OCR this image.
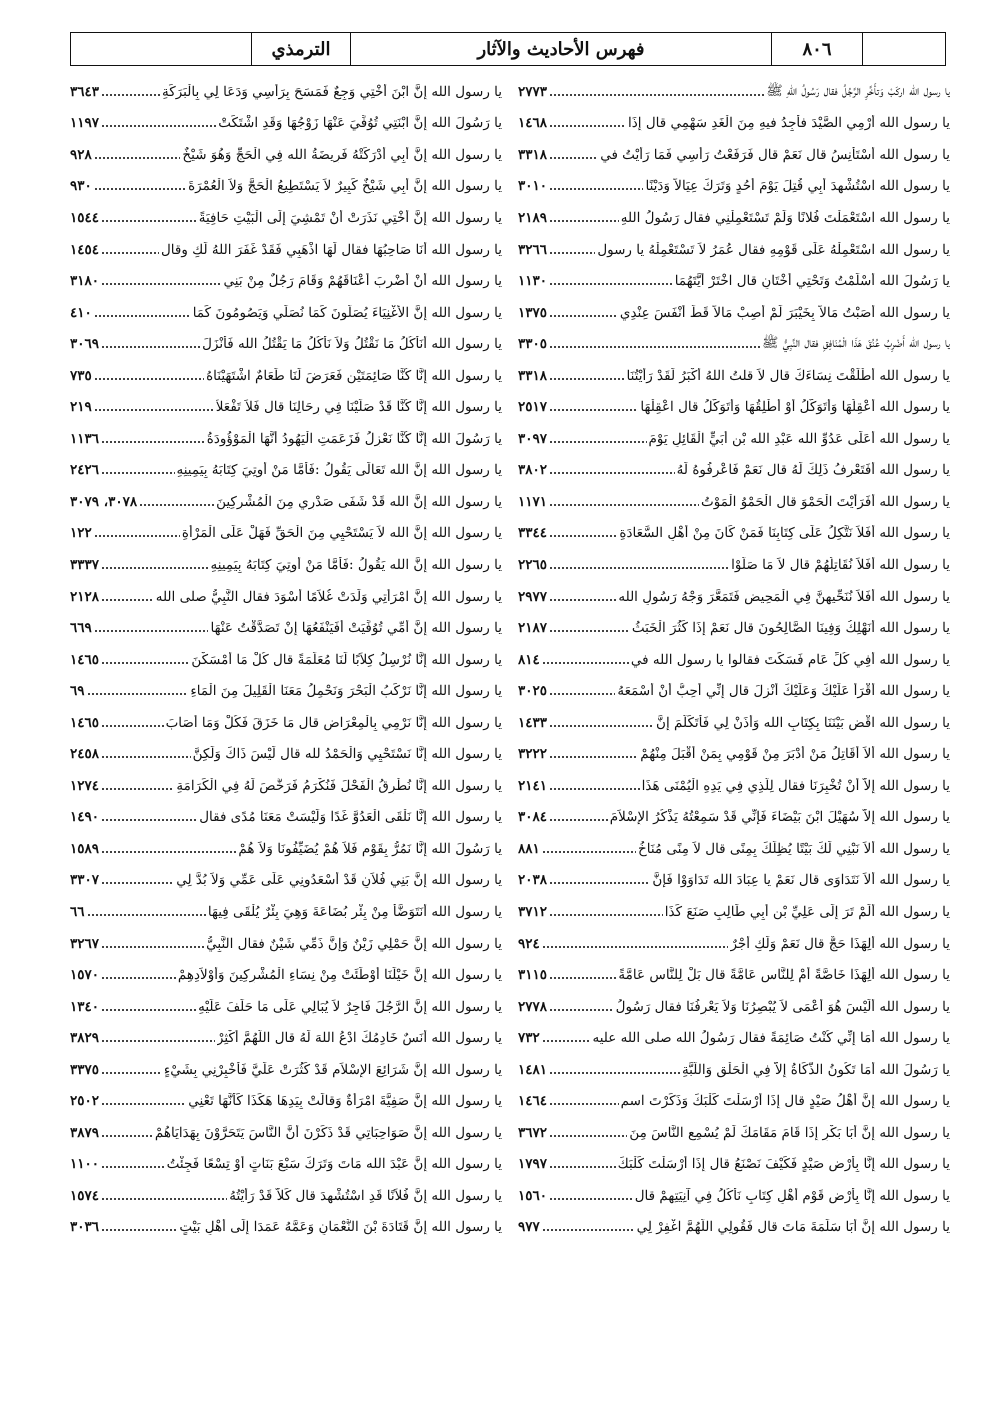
٨٠٦
فهرس الأحاديث والآثار
الترمذي
يا رسول الله اركَبْ وَتأَخَّرِ الرَّجُلُ فقال رَسُولُ اللهِ ﷺ
٢٧٧٣
يا رسول الله أرْمِي الصَّيْدَ فأجِدُ فيهِ مِنَ الْغَدِ سَهْمِي قال إِذَا
١٤٦٨
يا رسول الله أسْتَأْنِسُ قال نَعَمْ قال فَرَفَعْتُ رَأْسِي فَمَا رَأَيْتُ في
٣٣١٨
يا رسول الله اسْتُشْهِدَ أبِي قُتِلَ يَوْمَ أُحُدٍ وَتَرَكَ عِيَالاً وَدَيْنًا
٣٠١٠
يا رسول الله اسْتَعْمَلْتَ فُلانًا وَلَمْ تَسْتَعْمِلْنِي فقال رَسُولُ اللهِ
٢١٨٩
يا رسول الله اسْتَعْمِلْهُ عَلَى قَوْمِهِ فقال عُمَرُ لاَ تَسْتَعْمِلْهُ يا رسول
٣٢٦٦
يا رَسُولَ الله أَسْلَمْتُ وَتَحْتِي أُخْتَانِ قال اخْتَرْ أَيَّتَهُمَا
١١٣٠
يا رسول الله أَصَبْتُ مَالاً بِخَيْبَرَ لَمْ أُصِبْ مَالاً قَطُّ أَنْفَسَ عِنْدِي
١٣٧٥
يا رسول الله أَضْرِبُ عُنُقَ هَذَا الْمُنَافِقِ فقال النَّبِيُّ ﷺ
٣٣٠٥
يا رسول الله أَطْلَقْتَ نِسَاءَكَ قال لاَ قلتُ اللهُ أَكْبَرُ لَقَدْ رَأَيْتُنَا
٣٣١٨
يا رسول الله أَعْقِلُهَا وَأَتَوَكَّلُ أَوْ أُطْلِقُهَا وَأَتَوَكَّلُ قال اعْقِلْهَا
٢٥١٧
يا رسول الله أَعَلَى عَدُوِّ الله عَبْدِ الله بْنِ أُبَيٍّ الْقَائِلِ يَوْمَ
٣٠٩٧
يا رسول الله أَفَتَعْرِفُ ذَلِكَ لَهُ قال نَعَمْ فَاعْرِفُوهُ لَهُ
٣٨٠٢
يا رسول الله أَفَرَأَيْتَ الْحَمْوَ قال الْحَمْوُ الْمَوْتُ
١١٧١
يا رسول الله أَفَلاَ نَتَّكِلُ عَلَى كِتَابِنَا فَمَنْ كَانَ مِنْ أَهْلِ السَّعَادَةِ
٣٣٤٤
يا رسول الله أَفَلاَ نُقَاتِلُهُمْ قال لاَ مَا صَلَّوْا
٢٢٦٥
يا رسول الله أَفَلاَ نُنَحِّيهِنَّ فِي الْمَحِيضِ فَتَمَعَّرَ وَجْهُ رَسُولِ الله
٢٩٧٧
يا رسول الله أَنَهْلِكُ وَفِينَا الصَّالِحُونَ قال نَعَمْ إِذَا كَثُرَ الْخَبَثُ
٢١٨٧
يا رسول الله أَفِي كُلِّ عَامٍ فَسَكَتَ فقالوا يا رسول الله في
٨١٤
يا رسول الله أَقْرَأُ عَلَيْكَ وَعَلَيْكَ أُنْزِلَ قال إِنِّي أُحِبُّ أَنْ أَسْمَعَهُ
٣٠٢٥
يا رسول الله اقْضِ بَيْنَنَا بِكِتَابِ الله وَأْذَنْ لِي فَأَتَكَلَّمَ إِنَّ
١٤٣٣
يا رسول الله أَلاَ أُقَاتِلُ مَنْ أَدْبَرَ مِنْ قَوْمِي بِمَنْ أَقْبَلَ مِنْهُمْ
٣٢٢٢
يا رسول الله إِلاَّ أَنْ تُخْبِرَنَا فقال لِلَّذِي فِي يَدِهِ الْيُمْنَى هَذَا
٢١٤١
يا رسول الله إِلاَّ سُهَيْلَ ابْنَ بَيْضَاءَ فَإِنِّي قَدْ سَمِعْتُهُ يَذْكُرُ الإِسْلاَمَ
٣٠٨٤
يا رسول الله أَلاَ نَبْنِي لَكَ بَيْتًا يُظِلُّكَ بِمِنًى قال لاَ مِنًى مُنَاخُ
٨٨١
يا رسول الله أَلاَ نَتَدَاوَى قال نَعَمْ يا عِبَادَ الله تَدَاوَوْا فَإِنَّ
٢٠٣٨
يا رسول الله أَلَمْ تَرَ إِلَى عَلِيِّ بْنِ أَبِي طَالِبٍ صَنَعَ كَذَا
٣٧١٢
يا رسول الله أَلِهَذَا حَجٌّ قال نَعَمْ وَلَكِ أَجْرٌ
٩٢٤
يا رسول الله أَلِهَذَا خَاصَّةً أَمْ لِلنَّاسِ عَامَّةً قال بَلْ لِلنَّاسِ عَامَّةً
٣١١٥
يا رسول الله أَلَيْسَ هُوَ أَعْمَى لاَ يُبْصِرُنَا وَلاَ يَعْرِفُنَا فقال رَسُولُ
٢٧٧٨
يا رسول الله أَمَا إِنِّي كُنْتُ صَائِمَةً فقال رَسُولُ الله صلى الله عليه
٧٣٢
يا رَسُولَ الله أَمَا تَكُونُ الذَّكَاةُ إِلاَّ فِي الْحَلْقِ وَاللَّبَّةِ
١٤٨١
يا رسول الله إِنَّ أَهْلُ صَيْدٍ قال إِذَا أَرْسَلْتَ كَلْبَكَ وَذَكَرْتَ اسم
١٤٦٤
يا رسول الله إِنَّ أَبَا بَكْرٍ إِذَا قَامَ مَقَامَكَ لَمْ يُسْمِعِ النَّاسَ مِنَ
٣٦٧٢
يا رسول الله إِنَّا بِأَرْضِ صَيْدٍ فَكَيْفَ نَصْنَعُ قال إِذَا أَرْسَلْتَ كَلْبَكَ
١٧٩٧
يا رسول الله إِنَّا بِأَرْضِ قَوْمٍ أَهْلِ كِتَابٍ نَأْكُلُ فِي آنِيَتِهِمْ قال
١٥٦٠
يا رسول الله إِنَّ أَبَا سَلَمَةَ مَاتَ قال فَقُولِي اللَّهُمَّ اغْفِرْ لِي
٩٧٧
يا رسول الله إِنَّ ابْنَ أُخْتِي وَجِعٌ فَمَسَحَ بِرَأْسِي وَدَعَا لِي بِالْبَرَكَةِ
٣٦٤٣
يا رَسُولَ الله إِنَّ ابْنَتِي تُوُفِّيَ عَنْهَا زَوْجُهَا وَقَدِ اشْتَكَتْ
١١٩٧
يا رسول الله إِنَّ أَبِي أَدْرَكَتْهُ فَرِيضَةُ الله فِي الْحَجِّ وَهُوَ شَيْخٌ
٩٢٨
يا رسول الله إِنَّ أَبِي شَيْخٌ كَبِيرٌ لاَ يَسْتَطِيعُ الْحَجَّ وَلاَ الْعُمْرَةَ
٩٣٠
يا رسول الله إِنَّ أُخْتِي نَذَرَتْ أَنْ تَمْشِيَ إِلَى الْبَيْتِ حَافِيَةً
١٥٤٤
يا رسول الله أَنَا صَاحِبُهَا فقال لَهَا اذْهَبِي فَقَدْ غَفَرَ اللهُ لَكِ وقال
١٤٥٤
يا رسول الله أَنْ أَضْرِبَ أَعْنَاقَهُمْ وَقَامَ رَجُلٌ مِنْ بَنِي
٣١٨٠
يا رسول الله إِنَّ الأَغْنِيَاءَ يُصَلُّونَ كَمَا نُصَلِّي وَيَصُومُونَ كَمَا
٤١٠
يا رسول الله أَنَأْكُلُ مَا نَقْتُلُ وَلاَ نَأْكُلُ مَا يَقْتُلُ الله فَأَنْزَلَ
٣٠٦٩
يا رسول الله إِنَّا كُنَّا صَائِمَتَيْنِ فَعَرَضَ لَنَا طَعَامٌ اشْتَهَيْنَاهُ
٧٣٥
يا رسول الله إِنَّا كُنَّا قَدْ صَلَّيْنَا فِي رِحَالِنَا قال فَلاَ تَفْعَلاَ
٢١٩
يا رَسُولَ الله إِنَّا كُنَّا نَعْزِلُ فَزَعَمَتِ الْيَهُودُ أَنَّهَا الْمَوْؤُودَةُ
١١٣٦
يا رسول الله إِنَّ الله تَعَالَى يَقُولُ :فَأَمَّا مَنْ أُوتِيَ كِتَابَهُ بِيَمِينِهِ
٢٤٢٦
يا رسول الله إِنَّ الله قَدْ شَفَى صَدْرِي مِنَ الْمُشْرِكِينَ
٣٠٧٨، ٣٠٧٩
يا رسول الله إِنَّ الله لاَ يَسْتَحْيِي مِنَ الْحَقِّ فَهَلْ عَلَى الْمَرْأَةِ
١٢٢
يا رسول الله إِنَّ الله يَقُولُ :فَأَمَّا مَنْ أُوتِيَ كِتَابَهُ بِيَمِينِهِ
٣٣٣٧
يا رسول الله إِنَّ امْرَأَتِي وَلَدَتْ غُلاَمًا أَسْوَدَ فقال النَّبِيُّ صلى الله
٢١٢٨
يا رسول الله إِنَّ أُمِّي تُوُفِّيَتْ أَفَيَنْفَعُهَا إِنْ تَصَدَّقْتُ عَنْهَا
٦٦٩
يا رسول الله إِنَّا نُرْسِلُ كِلاَبًا لَنَا مُعَلَّمَةً قال كُلْ مَا أَمْسَكْنَ
١٤٦٥
يا رسول الله إِنَّا نَرْكَبُ الْبَحْرَ وَنَحْمِلُ مَعَنَا الْقَلِيلَ مِنَ الْمَاءِ
٦٩
يا رسول الله إِنَّا نَرْمِي بِالْمِعْرَاضِ قال مَا خَزَقَ فَكُلْ وَمَا أَصَابَ
١٤٦٥
يا رسول الله إِنَّا نَسْتَحْيِي وَالْحَمْدُ لله قال لَيْسَ ذَاكَ وَلَكِنَّ
٢٤٥٨
يا رسول الله إِنَّا نُطْرِقُ الْفَحْلَ فَنُكْرَمُ فَرَخَّصَ لَهُ فِي الْكَرَامَةِ
١٢٧٤
يا رسول الله إِنَّا نَلْقَى الْعَدُوَّ غَدًا وَلَيْسَتْ مَعَنَا مُدًى فقال
١٤٩٠
يا رَسُولَ الله إِنَّا نَمُرُّ بِقَوْمٍ فَلاَ هُمْ يُضَيِّفُونَا وَلاَ هُمْ
١٥٨٩
يا رسول الله إِنَّ بَنِي فُلاَنٍ قَدْ أَسْعَدُونِي عَلَى عَمِّي وَلاَ بُدَّ لِي
٣٣٠٧
يا رسول الله أَنَتَوَضَّأُ مِنْ بِئْرِ بُضَاعَةَ وَهِيَ بِئْرٌ يُلْقَى فِيهَا
٦٦
يا رسول الله إِنَّ حَمْلِي زَيْنٌ وَإِنَّ ذَمِّي شَيْنٌ فقال النَّبِيُّ
٣٢٦٧
يا رسول الله إِنَّ خَيْلَنَا أَوْطَئَتْ مِنْ نِسَاءِ الْمُشْرِكِينَ وَأَوْلاَدِهِمْ
١٥٧٠
يا رسول الله إِنَّ الرَّجُلَ فَاجِرٌ لاَ يُبَالِي عَلَى مَا حَلَفَ عَلَيْهِ
١٣٤٠
يا رسول الله أَنَسٌ خَادِمُكَ ادْعُ اللهَ لَهُ قال اللَّهُمَّ أَكْثِرْ
٣٨٢٩
يا رسول الله إِنَّ شَرَائِعَ الإِسْلاَمِ قَدْ كَثُرَتْ عَلَيَّ فَأَخْبِرْنِي بِشَيْءٍ
٣٣٧٥
يا رسول الله إِنَّ صَفِيَّةَ امْرَأَةٌ وَقالَتْ بِيَدِهَا هَكَذَا كَأَنَّهَا تَعْنِي
٢٥٠٢
يا رسول الله إِنَّ صَوَاحِبَاتِي قَدْ ذَكَرْنَ أَنَّ النَّاسَ يَتَحَرَّوْنَ بِهَدَايَاهُمْ
٣٨٧٩
يا رسول الله إِنَّ عَبْدَ الله مَاتَ وَتَرَكَ سَبْعَ بَنَاتٍ أَوْ تِسْعًا فَجِئْتُ
١١٠٠
يا رسول الله إِنَّ فُلاَنًا قَدِ اسْتُشْهِدَ قال كَلاَّ قَدْ رَأَيْتُهُ
١٥٧٤
يا رسول الله إِنَّ قَتَادَةَ بْنَ النُّعْمَانِ وَعَمَّهُ عَمَدَا إِلَى أَهْلِ بَيْتٍ
٣٠٣٦
